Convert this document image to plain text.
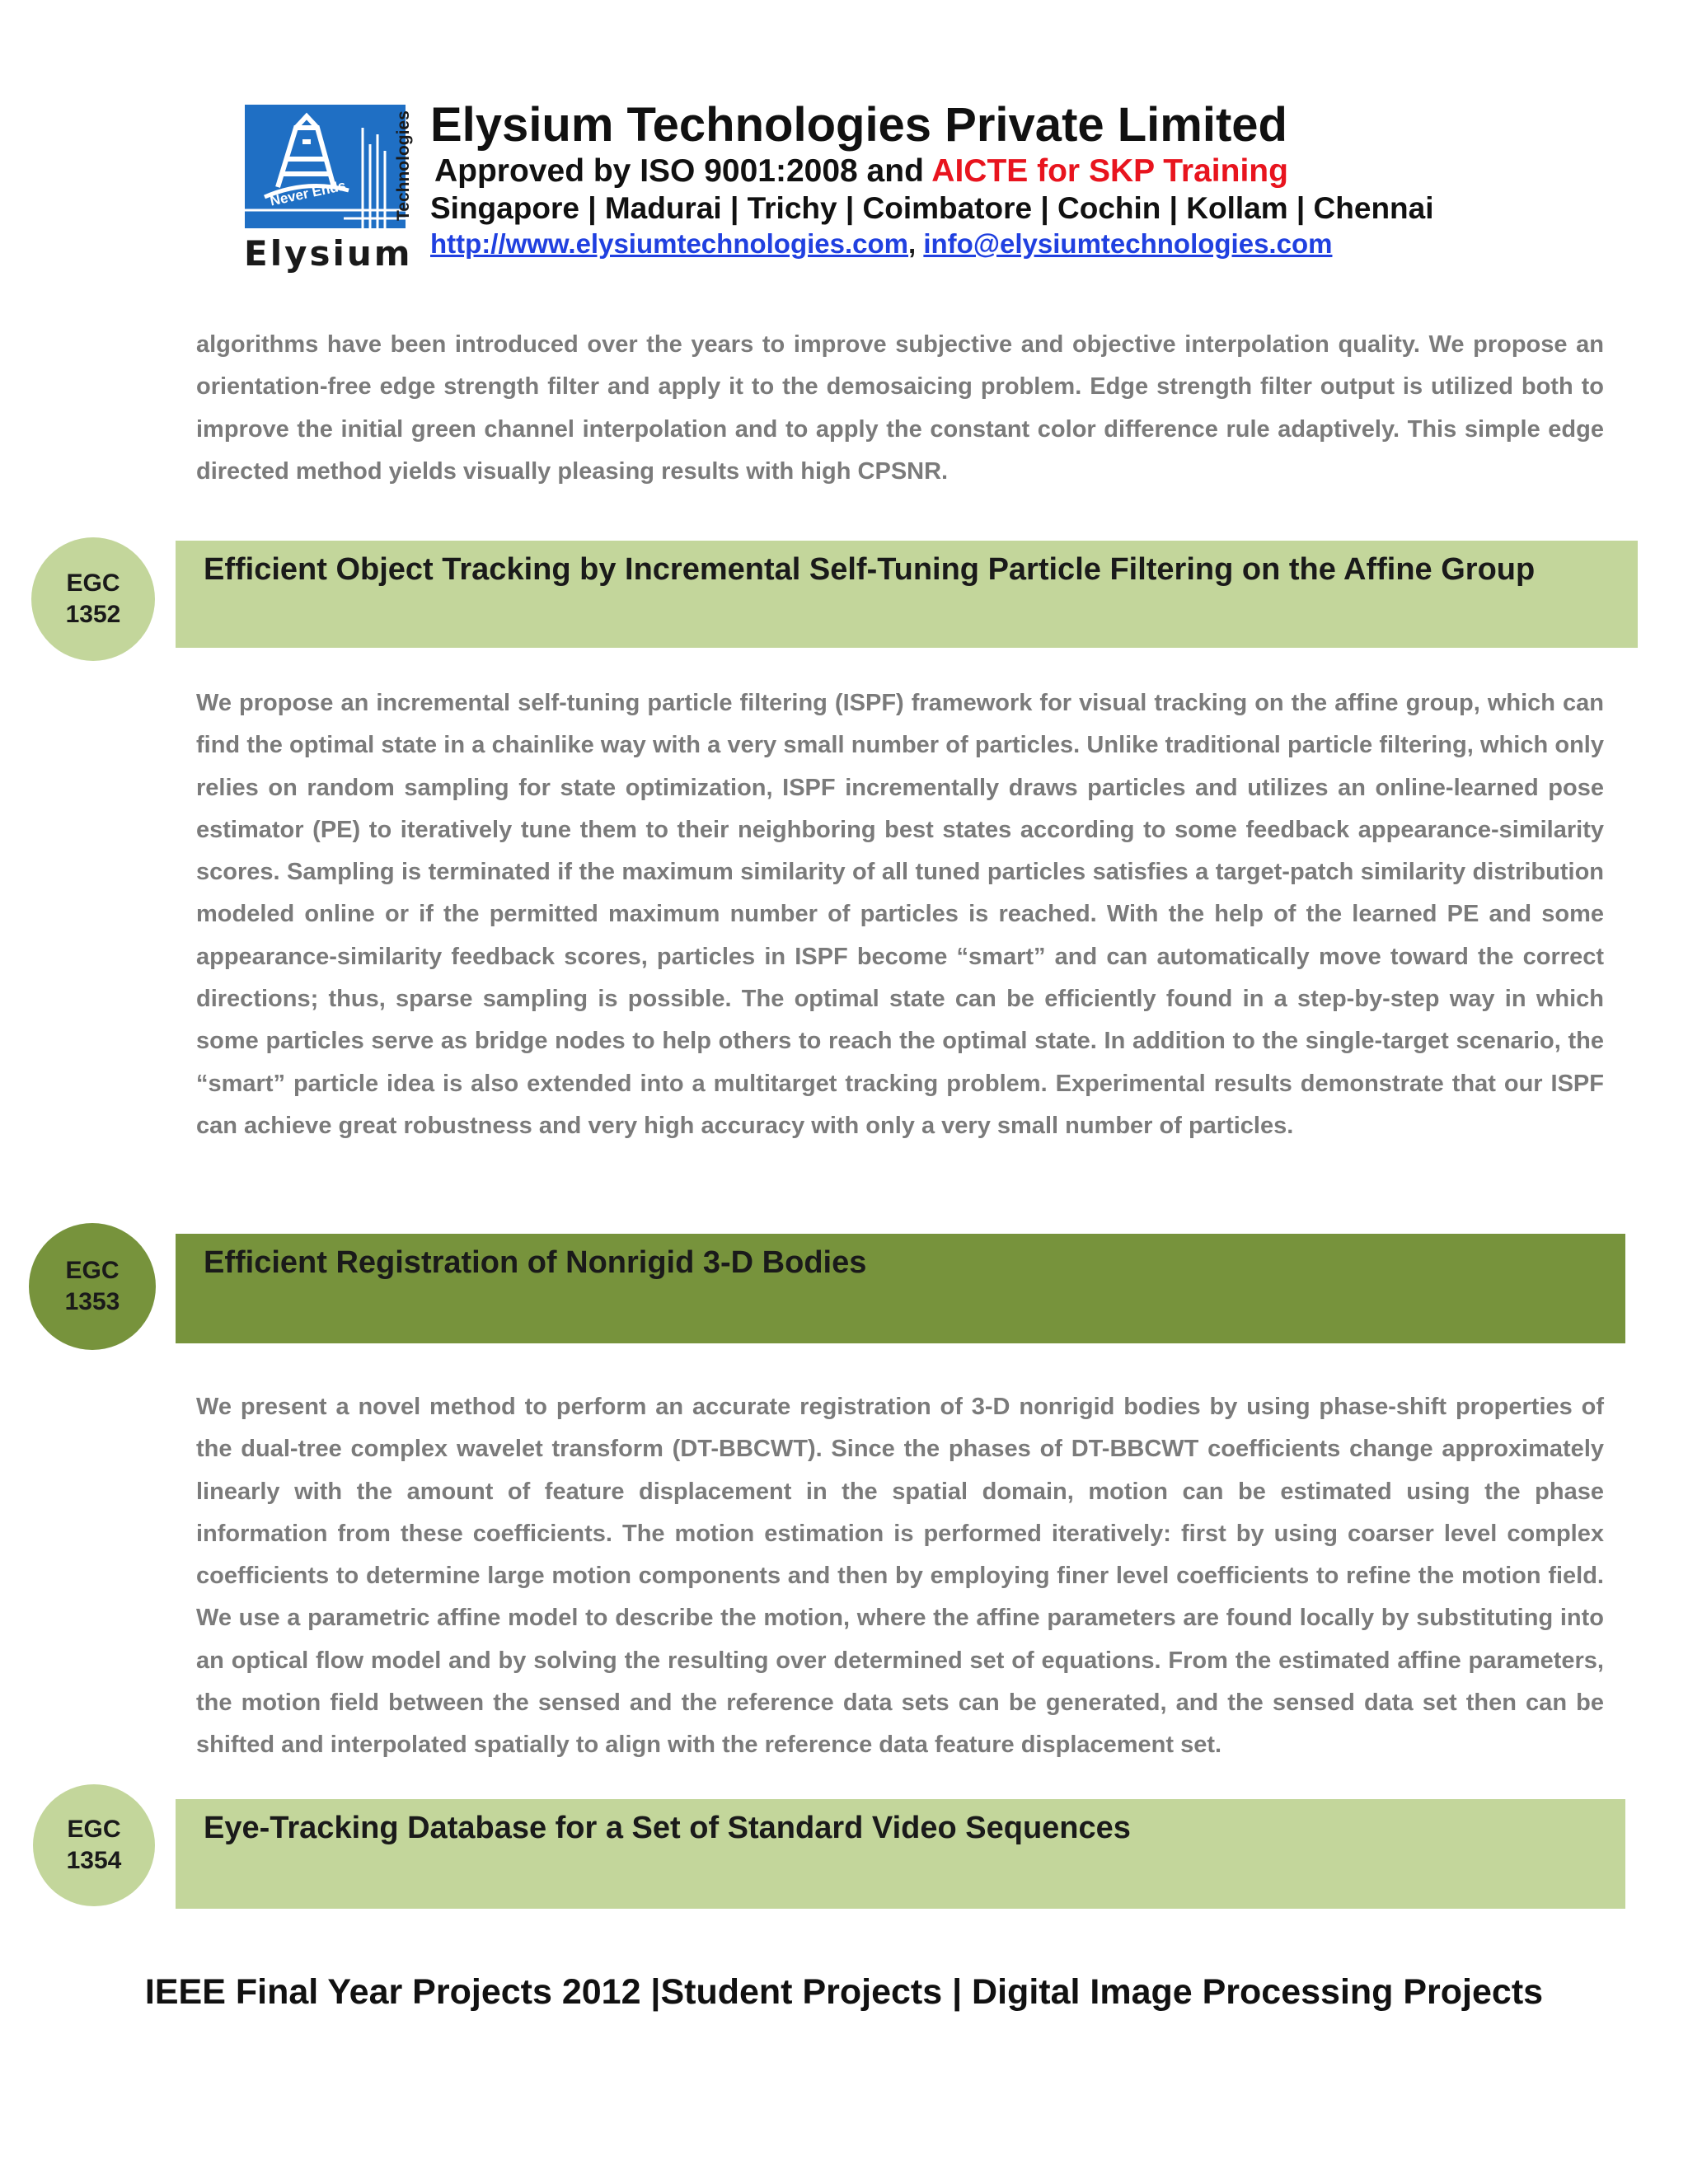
Never Ends	Technologies
Elysium
Elysium Technologies Private Limited
Approved by ISO 9001:2008 and AICTE for SKP Training
Singapore | Madurai | Trichy | Coimbatore | Cochin | Kollam | Chennai
http://www.elysiumtechnologies.com, info@elysiumtechnologies.com

algorithms have been introduced over the years to improve subjective and objective interpolation quality. We propose an orientation-free edge strength filter and apply it to the demosaicing problem. Edge strength filter output is utilized both to improve the initial green channel interpolation and to apply the constant color difference rule adaptively. This simple edge directed method yields visually pleasing results with high CPSNR.

EGC
1352
Efficient Object Tracking by Incremental Self-Tuning Particle Filtering on the Affine Group

We propose an incremental self-tuning particle filtering (ISPF) framework for visual tracking on the affine group, which can find the optimal state in a chainlike way with a very small number of particles. Unlike traditional particle filtering, which only relies on random sampling for state optimization, ISPF incrementally draws particles and utilizes an online-learned pose estimator (PE) to iteratively tune them to their neighboring best states according to some feedback appearance-similarity scores. Sampling is terminated if the maximum similarity of all tuned particles satisfies a target-patch similarity distribution modeled online or if the permitted maximum number of particles is reached. With the help of the learned PE and some appearance-similarity feedback scores, particles in ISPF become “smart” and can automatically move toward the correct directions; thus, sparse sampling is possible. The optimal state can be efficiently found in a step-by-step way in which some particles serve as bridge nodes to help others to reach the optimal state. In addition to the single-target scenario, the “smart” particle idea is also extended into a multitarget tracking problem. Experimental results demonstrate that our ISPF can achieve great robustness and very high accuracy with only a very small number of particles.

EGC
1353
Efficient Registration of Nonrigid 3-D Bodies

We present a novel method to perform an accurate registration of 3-D nonrigid bodies by using phase-shift properties of the dual-tree complex wavelet transform (DT-BBCWT). Since the phases of DT-BBCWT coefficients change approximately linearly with the amount of feature displacement in the spatial domain, motion can be estimated using the phase information from these coefficients. The motion estimation is performed iteratively: first by using coarser level complex coefficients to determine large motion components and then by employing finer level coefficients to refine the motion field. We use a parametric affine model to describe the motion, where the affine parameters are found locally by substituting into an optical flow model and by solving the resulting over determined set of equations. From the estimated affine parameters, the motion field between the sensed and the reference data sets can be generated, and the sensed data set then can be shifted and interpolated spatially to align with the reference data feature displacement set.

EGC
1354
Eye-Tracking Database for a Set of Standard Video Sequences
IEEE Final Year Projects 2012 |Student Projects | Digital Image Processing Projects
